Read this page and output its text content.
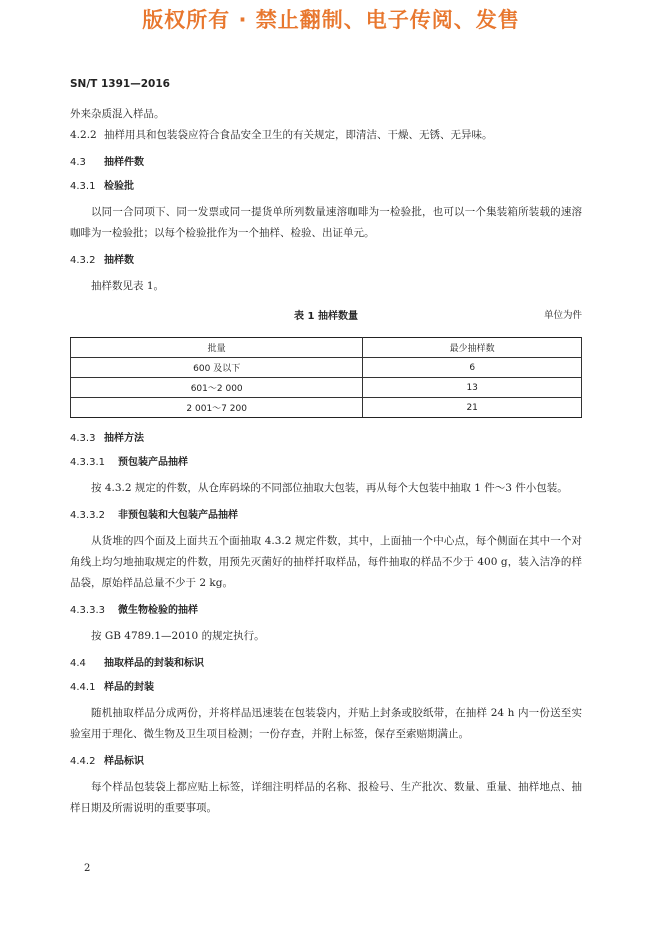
版权所有 · 禁止翻制、电子传阅、发售
SN/T 1391—2016

外来杂质混入样品。

4.2.2 抽样用具和包装袋应符合食品安全卫生的有关规定，即清洁、干燥、无锈、无异味。

4.3 抽样件数
4.3.1 检验批

以同一合同项下、同一发票或同一提货单所列数量速溶咖啡为一检验批，也可以一个集装箱所装载的速溶咖啡为一检验批；以每个检验批作为一个抽样、检验、出证单元。

4.3.2 抽样数

抽样数见表 1。

表 1 抽样数量	单位为件
批量	最少抽样数
600 及以下	6
601～2 000	13
2 001～7 200	21
4.3.3 抽样方法
4.3.3.1 预包装产品抽样

按 4.3.2 规定的件数，从仓库码垛的不同部位抽取大包装，再从每个大包装中抽取 1 件～3 件小包装。

4.3.3.2 非预包装和大包装产品抽样

从货堆的四个面及上面共五个面抽取 4.3.2 规定件数，其中，上面抽一个中心点，每个侧面在其中一个对角线上均匀地抽取规定的件数，用预先灭菌好的抽样扦取样品，每件抽取的样品不少于 400 g，装入洁净的样品袋，原始样品总量不少于 2 kg。

4.3.3.3 微生物检验的抽样

按 GB 4789.1—2010 的规定执行。

4.4 抽取样品的封装和标识
4.4.1 样品的封装

随机抽取样品分成两份，并将样品迅速装在包装袋内，并贴上封条或胶纸带，在抽样 24 h 内一份送至实验室用于理化、微生物及卫生项目检测；一份存查，并附上标签，保存至索赔期满止。

4.4.2 样品标识

每个样品包装袋上都应贴上标签，详细注明样品的名称、报检号、生产批次、数量、重量、抽样地点、抽样日期及所需说明的重要事项。

2
